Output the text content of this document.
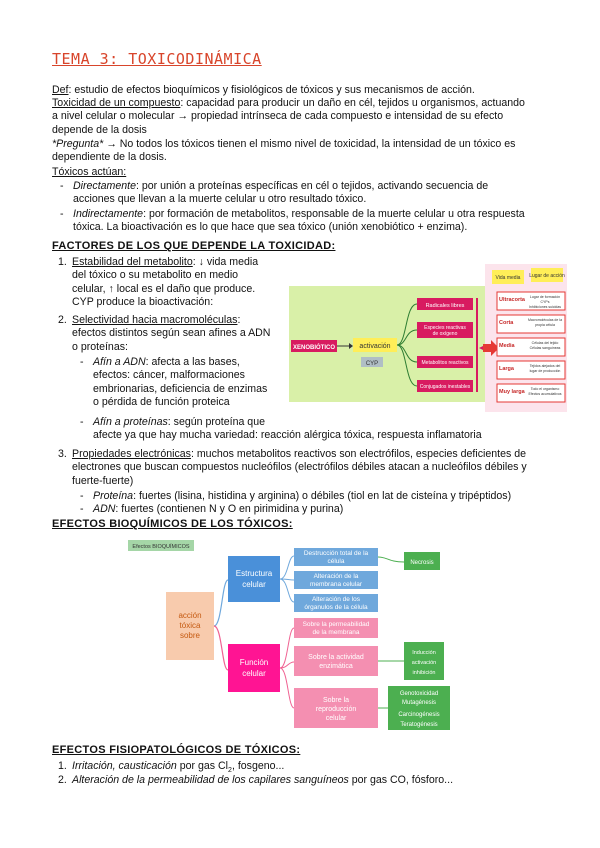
TEMA 3: TOXICODINÁMICA
Def: estudio de efectos bioquímicos y fisiológicos de tóxicos y sus mecanismos de acción.
Toxicidad de un compuesto: capacidad para producir un daño en cél, tejidos u organismos, actuando
a nivel celular o molecular → propiedad intrínseca de cada compuesto e intensidad de su efecto
depende de la dosis
*Pregunta* → No todos los tóxicos tienen el mismo nivel de toxicidad, la intensidad de un tóxico es
dependiente de la dosis.
Tóxicos actúan:
- Directamente: por unión a proteínas específicas en cél o tejidos, activando secuencia de
acciones que llevan a la muerte celular u otro resultado tóxico.
- Indirectamente: por formación de metabolitos, responsable de la muerte celular u otra respuesta
tóxica. La bioactivación es lo que hace que sea tóxico (unión xenobiótico + enzima).
FACTORES DE LOS QUE DEPENDE LA TOXICIDAD:
1. Estabilidad del metabolito: ↓ vida media
del tóxico o su metabolito en medio
celular, ↑ local es el daño que produce.
CYP produce la bioactivación:
2. Selectividad hacia macromoléculas:
efectos distintos según sean afines a ADN
o proteínas:
- Afín a ADN: afecta a las bases,
efectos: cáncer, malformaciones
embrionarias, deficiencia de enzimas
o pérdida de función proteica
- Afín a proteínas: según proteína que
afecte ya que hay mucha variedad: reacción alérgica tóxica, respuesta inflamatoria
3. Propiedades electrónicas: muchos metabolitos reactivos son electrófilos, especies deficientes de
electrones que buscan compuestos nucleófilos (electrófilos débiles atacan a nucleófilos débiles y
fuerte-fuerte)
- Proteína: fuertes (lisina, histidina y arginina) o débiles (tiol en lat de cisteína y tripéptidos)
- ADN: fuertes (contienen N y O en pirimidina y purina)
EFECTOS BIOQUÍMICOS DE LOS TÓXICOS:
Vida media Lugar de acción
XENOBIÓTICO	activación
CYP
Radicales libres
Especies reactivas
de oxígeno
Metabolitos reactivos
Conjugados inestables
Ultracorta Lugar de formación
CYPs
Inhibiciones suicidas
Corta	Macromoléculas de la
propia célula
Media	Células del tejido
Células sanguíneas
Larga	Tejidos alejados del
lugar de producción
Muy larga Todo el organismo
Efectos acumulativos
Efectos BIOQUÍMICOS
acción
tóxica
sobre
Estructura
celular
Función
celular
Destrucción total de la
célula
Alteración de la
membrana celular
Alteración de los
órganulos de la célula
Necrosis
Sobre la permeabilidad
de la membrana
Sobre la actividad
enzimática
Sobre la
reproducción
celular
Inducción
activación
inhibición
Genotoxicidad
Mutagénesis
Carcinogénesis
Teratogénesis
EFECTOS FISIOPATOLÓGICOS DE TÓXICOS:
1. Irritación, causticación por gas $Cl_2$, fosgeno...
2. Alteración de la permeabilidad de los capilares sanguíneos por gas CO, fósforo...
